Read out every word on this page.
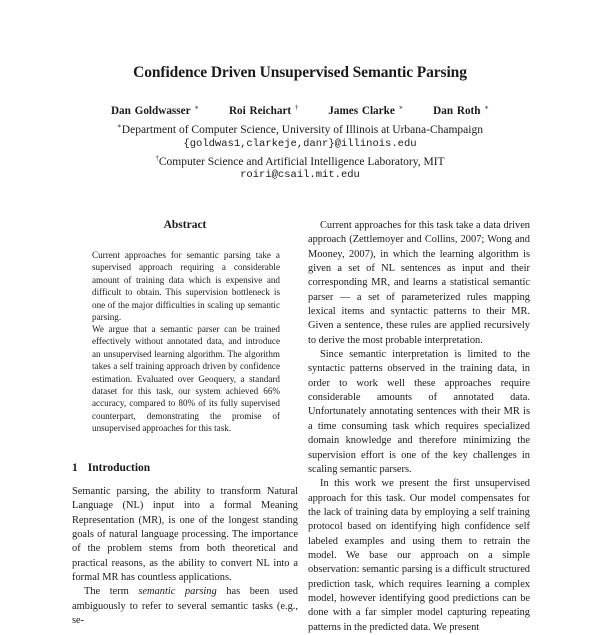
Confidence Driven Unsupervised Semantic Parsing
Dan Goldwasser ∗	Roi Reichart †	James Clarke ∗	Dan Roth ∗
∗Department of Computer Science, University of Illinois at Urbana-Champaign
{goldwas1,clarkeje,danr}@illinois.edu
†Computer Science and Artificial Intelligence Laboratory, MIT
roiri@csail.mit.edu
Abstract

Current approaches for semantic parsing take a supervised approach requiring a considerable amount of training data which is expensive and difficult to obtain. This supervision bottleneck is one of the major difficulties in scaling up semantic parsing.

We argue that a semantic parser can be trained effectively without annotated data, and introduce an unsupervised learning algorithm. The algorithm takes a self training approach driven by confidence estimation. Evaluated over Geoquery, a standard dataset for this task, our system achieved 66% accuracy, compared to 80% of its fully supervised counterpart, demonstrating the promise of unsupervised approaches for this task.

1 Introduction

Semantic parsing, the ability to transform Natural Language (NL) input into a formal Meaning Representation (MR), is one of the longest standing goals of natural language processing. The importance of the problem stems from both theoretical and practical reasons, as the ability to convert NL into a formal MR has countless applications.

The term semantic parsing has been used ambiguously to refer to several semantic tasks (e.g., se-

Current approaches for this task take a data driven approach (Zettlemoyer and Collins, 2007; Wong and Mooney, 2007), in which the learning algorithm is given a set of NL sentences as input and their corresponding MR, and learns a statistical semantic parser — a set of parameterized rules mapping lexical items and syntactic patterns to their MR. Given a sentence, these rules are applied recursively to derive the most probable interpretation.

Since semantic interpretation is limited to the syntactic patterns observed in the training data, in order to work well these approaches require considerable amounts of annotated data. Unfortunately annotating sentences with their MR is a time consuming task which requires specialized domain knowledge and therefore minimizing the supervision effort is one of the key challenges in scaling semantic parsers.

In this work we present the first unsupervised approach for this task. Our model compensates for the lack of training data by employing a self training protocol based on identifying high confidence self labeled examples and using them to retrain the model. We base our approach on a simple observation: semantic parsing is a difficult structured prediction task, which requires learning a complex model, however identifying good predictions can be done with a far simpler model capturing repeating patterns in the predicted data. We present
